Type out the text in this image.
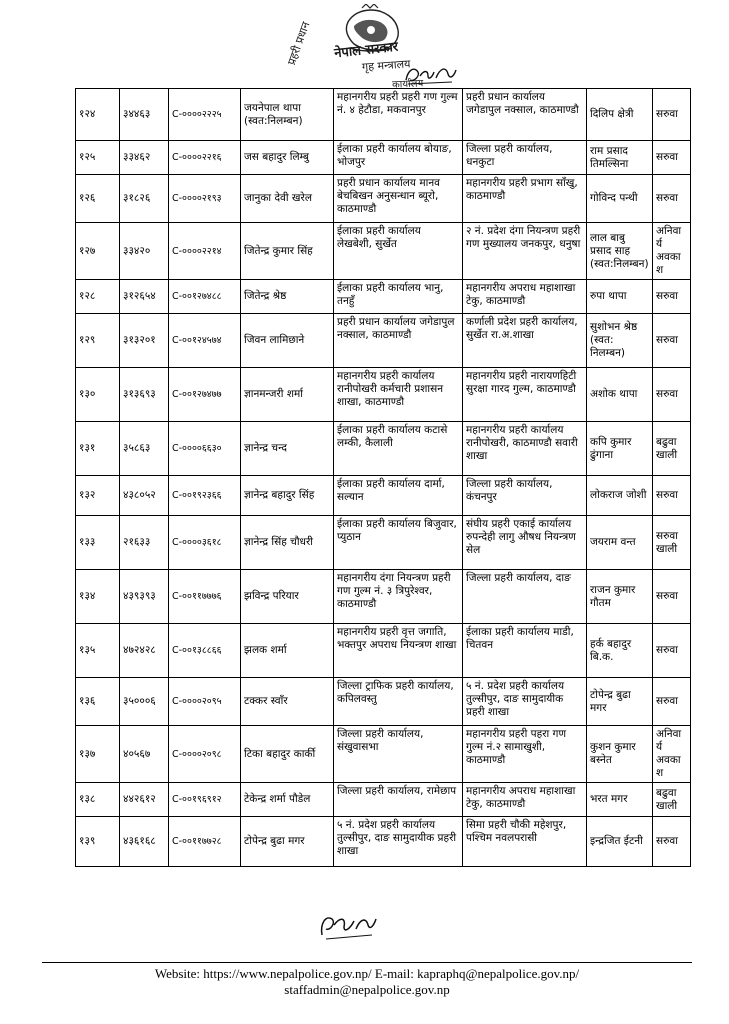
नेपाल सरकार
गृह मन्त्रालय
प्रहरी प्रधान
कार्यालय
१२४	३४४६३	C-००००२२२५	जयनेपाल थापा (स्वत:निलम्बन)	महानगरीय प्रहरी प्रहरी गण गुल्म नं. ४ हेटौडा, मकवानपुर	प्रहरी प्रधान कार्यालय जगेडापुल नक्साल, काठमाण्डौ	दिलिप क्षेत्री	सरुवा
१२५	३३४६२	C-००००२२१६	जस बहादुर लिम्बु	ईलाका प्रहरी कार्यालय बोयाङ, भोजपुर	जिल्ला प्रहरी कार्यालय, धनकुटा	राम प्रसाद तिमल्सिना	सरुवा
१२६	३१८२६	C-००००२१९३	जानुका देवी खरेल	प्रहरी प्रधान कार्यालय मानव बेचबिखन अनुसन्धान ब्यूरो, काठमाण्डौ	महानगरीय प्रहरी प्रभाग साँखु, काठमाण्डौ	गोविन्द पन्थी	सरुवा
१२७	३३४२०	C-००००२२१४	जितेन्द्र कुमार सिंह	ईलाका प्रहरी कार्यालय लेखबेशी, सुर्खेत	२ नं. प्रदेश दंगा नियन्त्रण प्रहरी गण मुख्यालय जनकपुर, धनुषा	लाल बाबु प्रसाद साह (स्वत:निलम्बन)	अनिवार्य अवकाश
१२८	३१२६५४	C-००१२७४८८	जितेन्द्र श्रेष्ठ	ईलाका प्रहरी कार्यालय भानु, तनहुँ	महानगरीय अपराध महाशाखा टेकु, काठमाण्डौ	रुपा थापा	सरुवा
१२९	३१३२०१	C-००१२४५७४	जिवन लामिछाने	प्रहरी प्रधान कार्यालय जगेडापुल नक्साल, काठमाण्डौ	कर्णाली प्रदेश प्रहरी कार्यालय, सुर्खेत रा.अ.शाखा	सुशोभन श्रेष्ठ (स्वत: निलम्बन)	सरुवा
१३०	३१३६९३	C-००१२७४७७	ज्ञानमन्जरी शर्मा	महानगरीय प्रहरी कार्यालय रानीपोखरी कर्मचारी प्रशासन शाखा, काठमाण्डौ	महानगरीय प्रहरी नारायणहिटी सुरक्षा गारद गुल्म, काठमाण्डौ	अशोक थापा	सरुवा
१३१	३५८६३	C-००००६६३०	ज्ञानेन्द्र चन्द	ईलाका प्रहरी कार्यालय कटासे लम्की, कैलाली	महानगरीय प्रहरी कार्यालय रानीपोखरी, काठमाण्डौ सवारी शाखा	कपि कुमार ढुंगाना	बढुवा खाली
१३२	४३८०५२	C-००१९२३६६	ज्ञानेन्द्र बहादुर सिंह	ईलाका प्रहरी कार्यालय दार्मा, सल्यान	जिल्ला प्रहरी कार्यालय, कंचनपुर	लोकराज जोशी	सरुवा
१३३	२१६३३	C-००००३६१८	ज्ञानेन्द्र सिंह चौधरी	ईलाका प्रहरी कार्यालय बिजुवार, प्युठान	संघीय प्रहरी एकाई कार्यालय रुपन्देही लागु औषध नियन्त्रण सेल	जयराम वन्त	सरुवा खाली
१३४	४३९३९३	C-००११७७७६	झविन्द्र परियार	महानगरीय दंगा नियन्त्रण प्रहरी गण गुल्म नं. ३ त्रिपुरेश्वर, काठमाण्डौ	जिल्ला प्रहरी कार्यालय, दाङ	राजन कुमार गौतम	सरुवा
१३५	४७२४२८	C-००१३८८६६	झलक शर्मा	महानगरीय प्रहरी वृत्त जगाति, भक्तपुर अपराध नियन्त्रण शाखा	ईलाका प्रहरी कार्यालय माडी, चितवन	हर्क बहादुर बि.क.	सरुवा
१३६	३५०००६	C-००००२०९५	टक्कर स्वाँर	जिल्ला ट्राफिक प्रहरी कार्यालय, कपिलवस्तु	५ नं. प्रदेश प्रहरी कार्यालय तुल्सीपुर, दाङ सामुदायीक प्रहरी शाखा	टोपेन्द्र बुढा मगर	सरुवा
१३७	४०५६७	C-००००२०९८	टिका बहादुर कार्की	जिल्ला प्रहरी कार्यालय, संखुवासभा	महानगरीय प्रहरी पहरा गण गुल्म नं.२ सामाखुशी, काठमाण्डौ	कुशन कुमार बस्नेत	अनिवार्य अवकाश
१३८	४४२६१२	C-००१९६९१२	टेकेन्द्र शर्मा पौडेल	जिल्ला प्रहरी कार्यालय, रामेछाप	महानगरीय अपराध महाशाखा टेकु, काठमाण्डौ	भरत मगर	बढुवा खाली
१३९	४३६१६८	C-००११७७२८	टोपेन्द्र बुढा मगर	५ नं. प्रदेश प्रहरी कार्यालय तुल्सीपुर, दाङ सामुदायीक प्रहरी शाखा	सिमा प्रहरी चौकी महेशपुर, पश्चिम नवलपरासी	इन्द्रजित ईटनी	सरुवा
Website: https://www.nepalpolice.gov.np/ E-mail: kapraphq@nepalpolice.gov.np/
staffadmin@nepalpolice.gov.np
